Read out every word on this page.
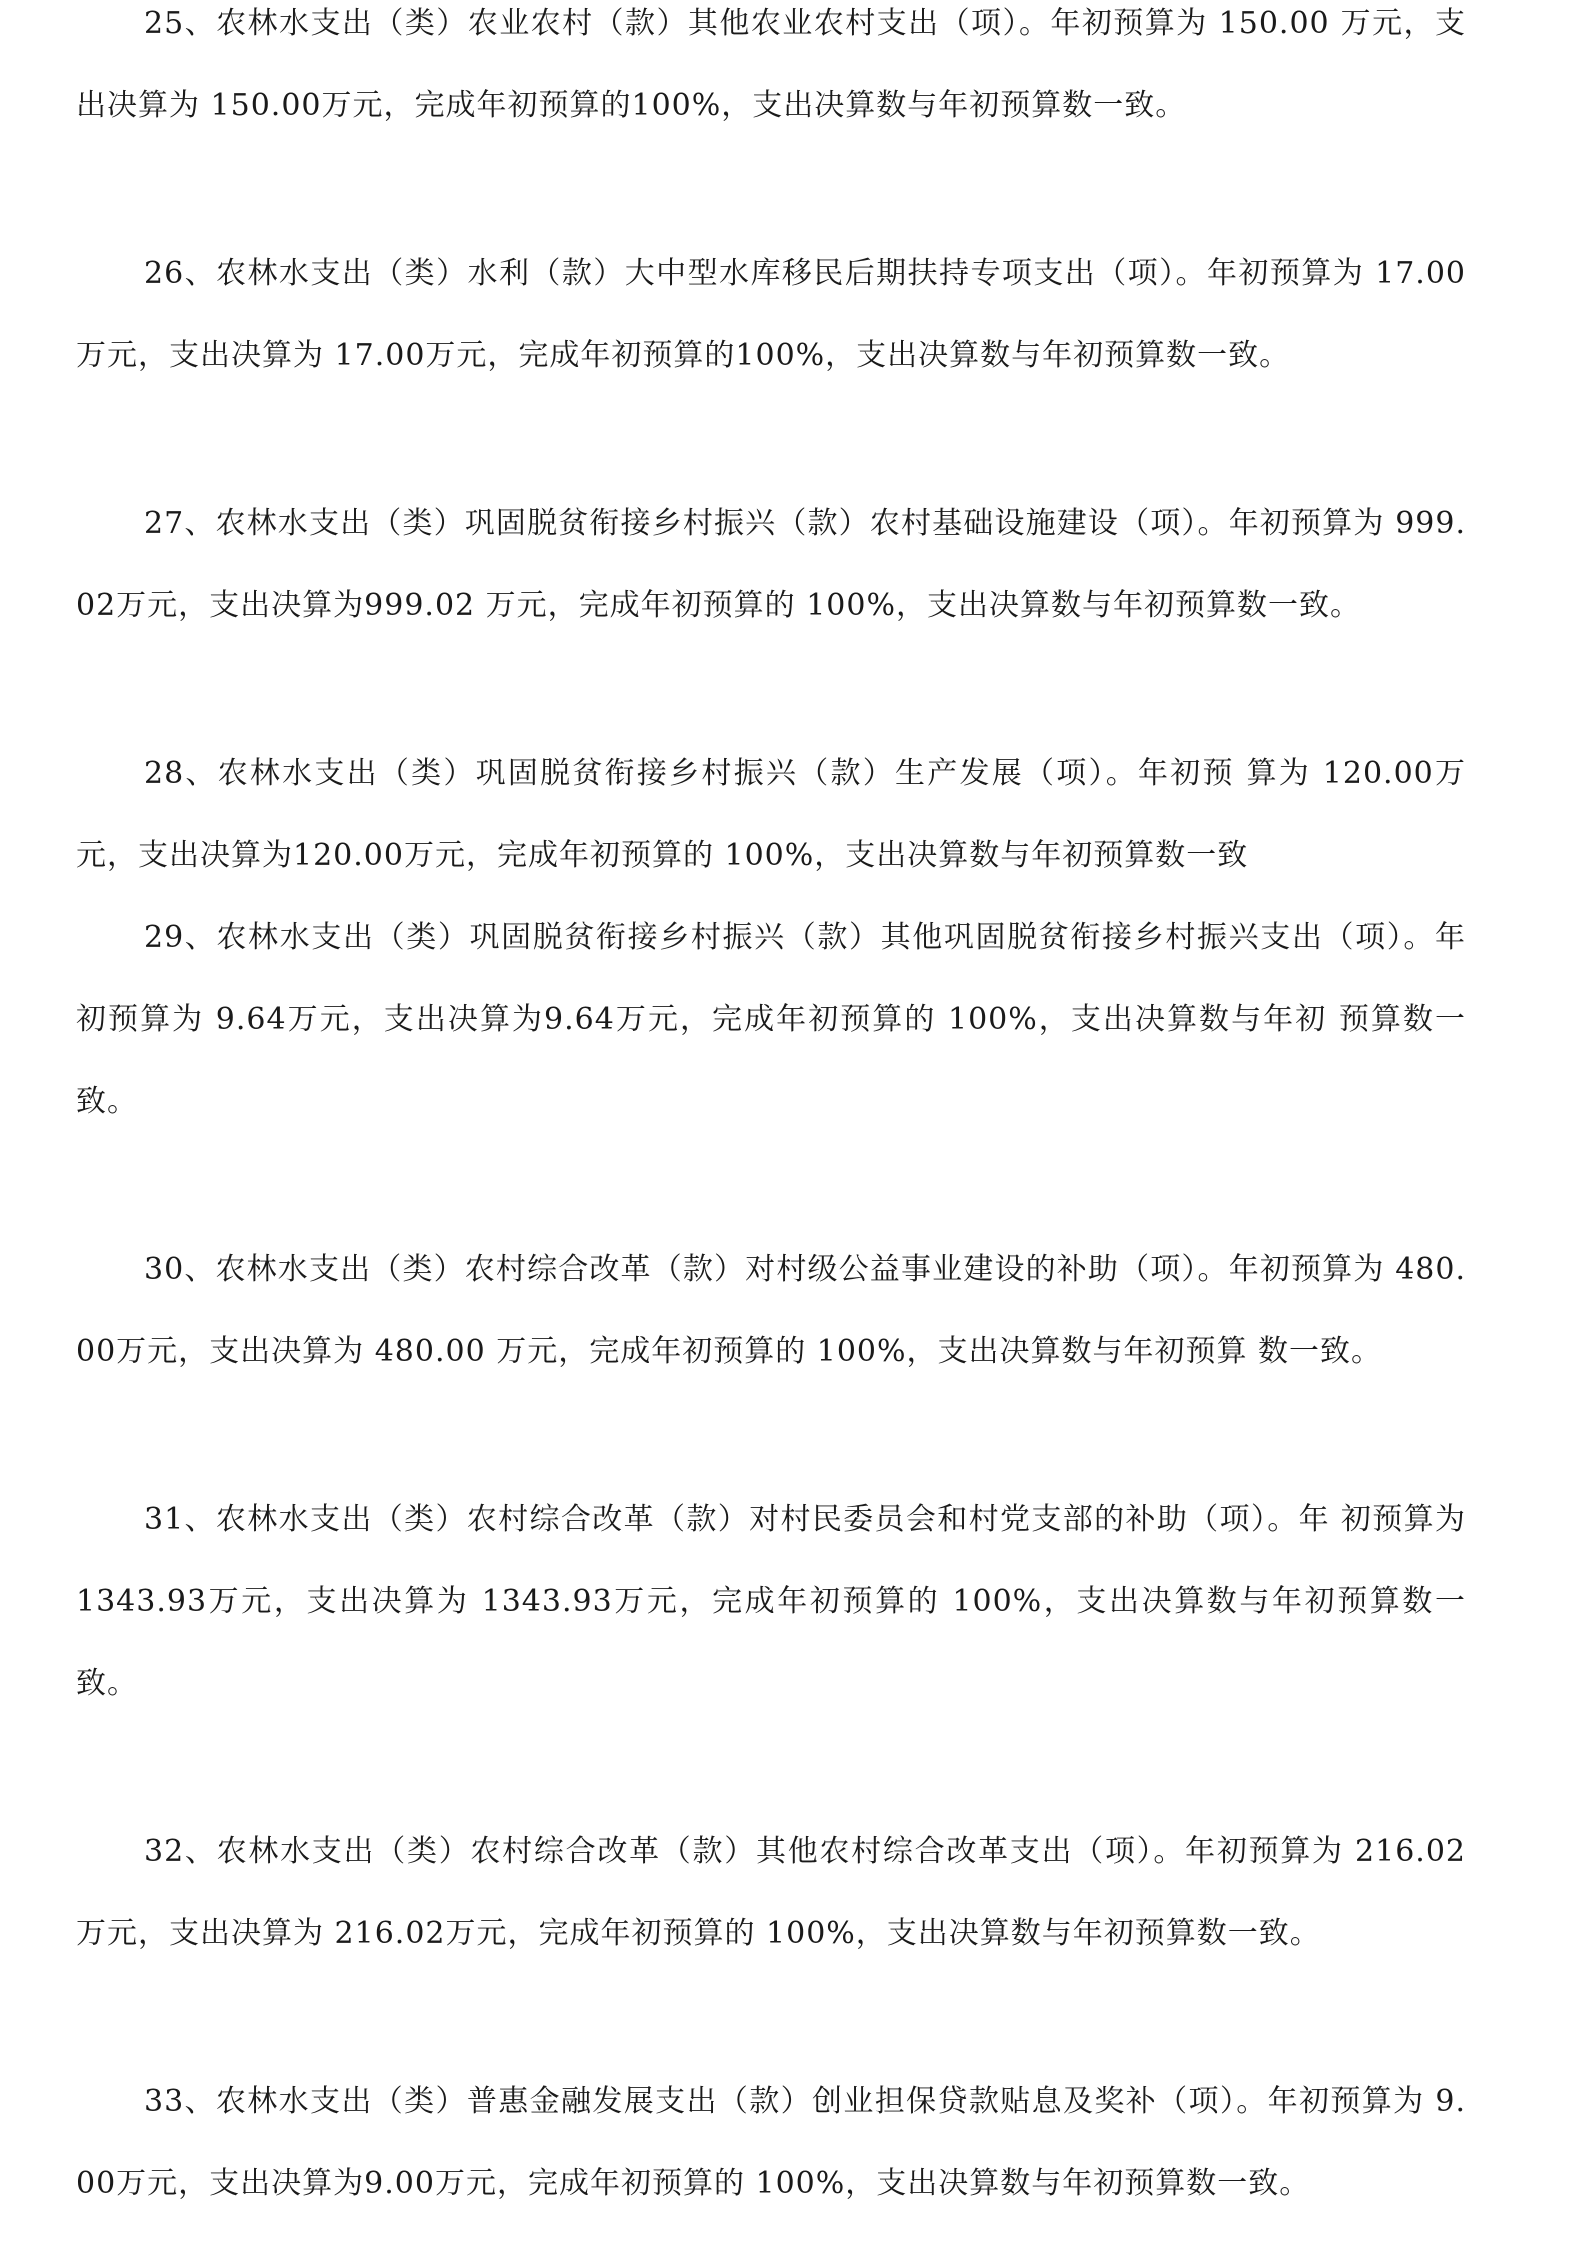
25、农林水支出（类）农业农村（款）其他农业农村支出（项）。年初预算为 150.00 万元，支出决算为 150.00万元，完成年初预算的100%，支出决算数与年初预算数一致。

26、农林水支出（类）水利（款）大中型水库移民后期扶持专项支出（项）。年初预算为 17.00 万元，支出决算为 17.00万元，完成年初预算的100%，支出决算数与年初预算数一致。

27、农林水支出（类）巩固脱贫衔接乡村振兴（款）农村基础设施建设（项）。年初预算为 999.02万元，支出决算为999.02 万元，完成年初预算的 100%，支出决算数与年初预算数一致。

28、农林水支出（类）巩固脱贫衔接乡村振兴（款）生产发展（项）。年初预 算为 120.00万元，支出决算为120.00万元，完成年初预算的 100%，支出决算数与年初预算数一致

29、农林水支出（类）巩固脱贫衔接乡村振兴（款）其他巩固脱贫衔接乡村振兴支出（项）。年初预算为 9.64万元，支出决算为9.64万元，完成年初预算的 100%，支出决算数与年初 预算数一致。

30、农林水支出（类）农村综合改革（款）对村级公益事业建设的补助（项）。年初预算为 480.00万元，支出决算为 480.00 万元，完成年初预算的 100%，支出决算数与年初预算 数一致。

31、农林水支出（类）农村综合改革（款）对村民委员会和村党支部的补助（项）。年 初预算为1343.93万元，支出决算为 1343.93万元，完成年初预算的 100%，支出决算数与年初预算数一致。

32、农林水支出（类）农村综合改革（款）其他农村综合改革支出（项）。年初预算为 216.02万元，支出决算为 216.02万元，完成年初预算的 100%，支出决算数与年初预算数一致。

33、农林水支出（类）普惠金融发展支出（款）创业担保贷款贴息及奖补（项）。年初预算为 9.00万元，支出决算为9.00万元，完成年初预算的 100%，支出决算数与年初预算数一致。
